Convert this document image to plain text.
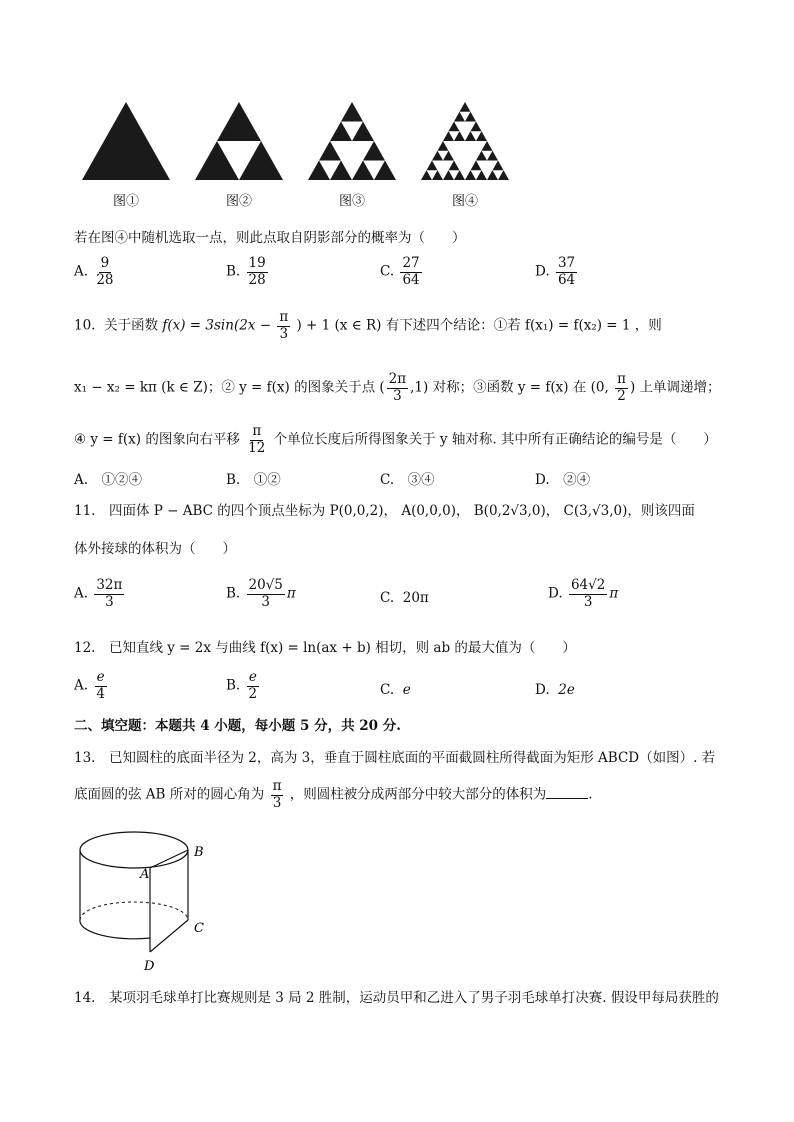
图①	图②	图③	图④
若在图④中随机选取一点，则此点取自阴影部分的概率为（　　）
A. $\frac{9}{28}$	B. $\frac{19}{28}$	C. $\frac{27}{64}$	D. $\frac{37}{64}$
10. 关于函数 $f(x) = 3\sin(2x - \frac{\pi}{3}$ ) + 1 (x ∈ R) 有下述四个结论：①若 f(x₁) = f(x₂) = 1 ，则
x₁ − x₂ = kπ (k ∈ Z)；② y = f(x) 的图象关于点 ( $\frac{2\pi}{3} ,1$) 对称；③函数 y = f(x) 在 (0, $\frac{\pi}{2}$ ) 上单调递增；
④ y = f(x) 的图象向右平移 $\frac{\pi}{12}$ 个单位长度后所得图象关于 y 轴对称. 其中所有正确结论的编号是（　　）
A.　①②④	B.　①②	C.　③④	D.　②④
11.　四面体 P − ABC 的四个顶点坐标为 P(0,0,2)， A(0,0,0)， B(0,2√3,0)， C(3,√3,0)，则该四面
体外接球的体积为（　　）
A. $\frac{32\pi}{3}$	B. $\frac{20√5}{3}$ π	C. 20π	D. $\frac{64√2}{3}$ π
12.　已知直线 y = 2x 与曲线 f(x) = ln(ax + b) 相切，则 ab 的最大值为（　　）
A. $\frac{e}{4}$	B. $\frac{e}{2}$	C. e	D. 2e
二、填空题：本题共 4 小题，每小题 5 分，共 20 分.
13.　已知圆柱的底面半径为 2，高为 3，垂直于圆柱底面的平面截圆柱所得截面为矩形 ABCD（如图）. 若
底面圆的弦 AB 所对的圆心角为 $\frac{\pi}{3}$ ，则圆柱被分成两部分中较大部分的体积为	.
A
B
C
D
14.　某项羽毛球单打比赛规则是 3 局 2 胜制，运动员甲和乙进入了男子羽毛球单打决赛. 假设甲每局获胜的
